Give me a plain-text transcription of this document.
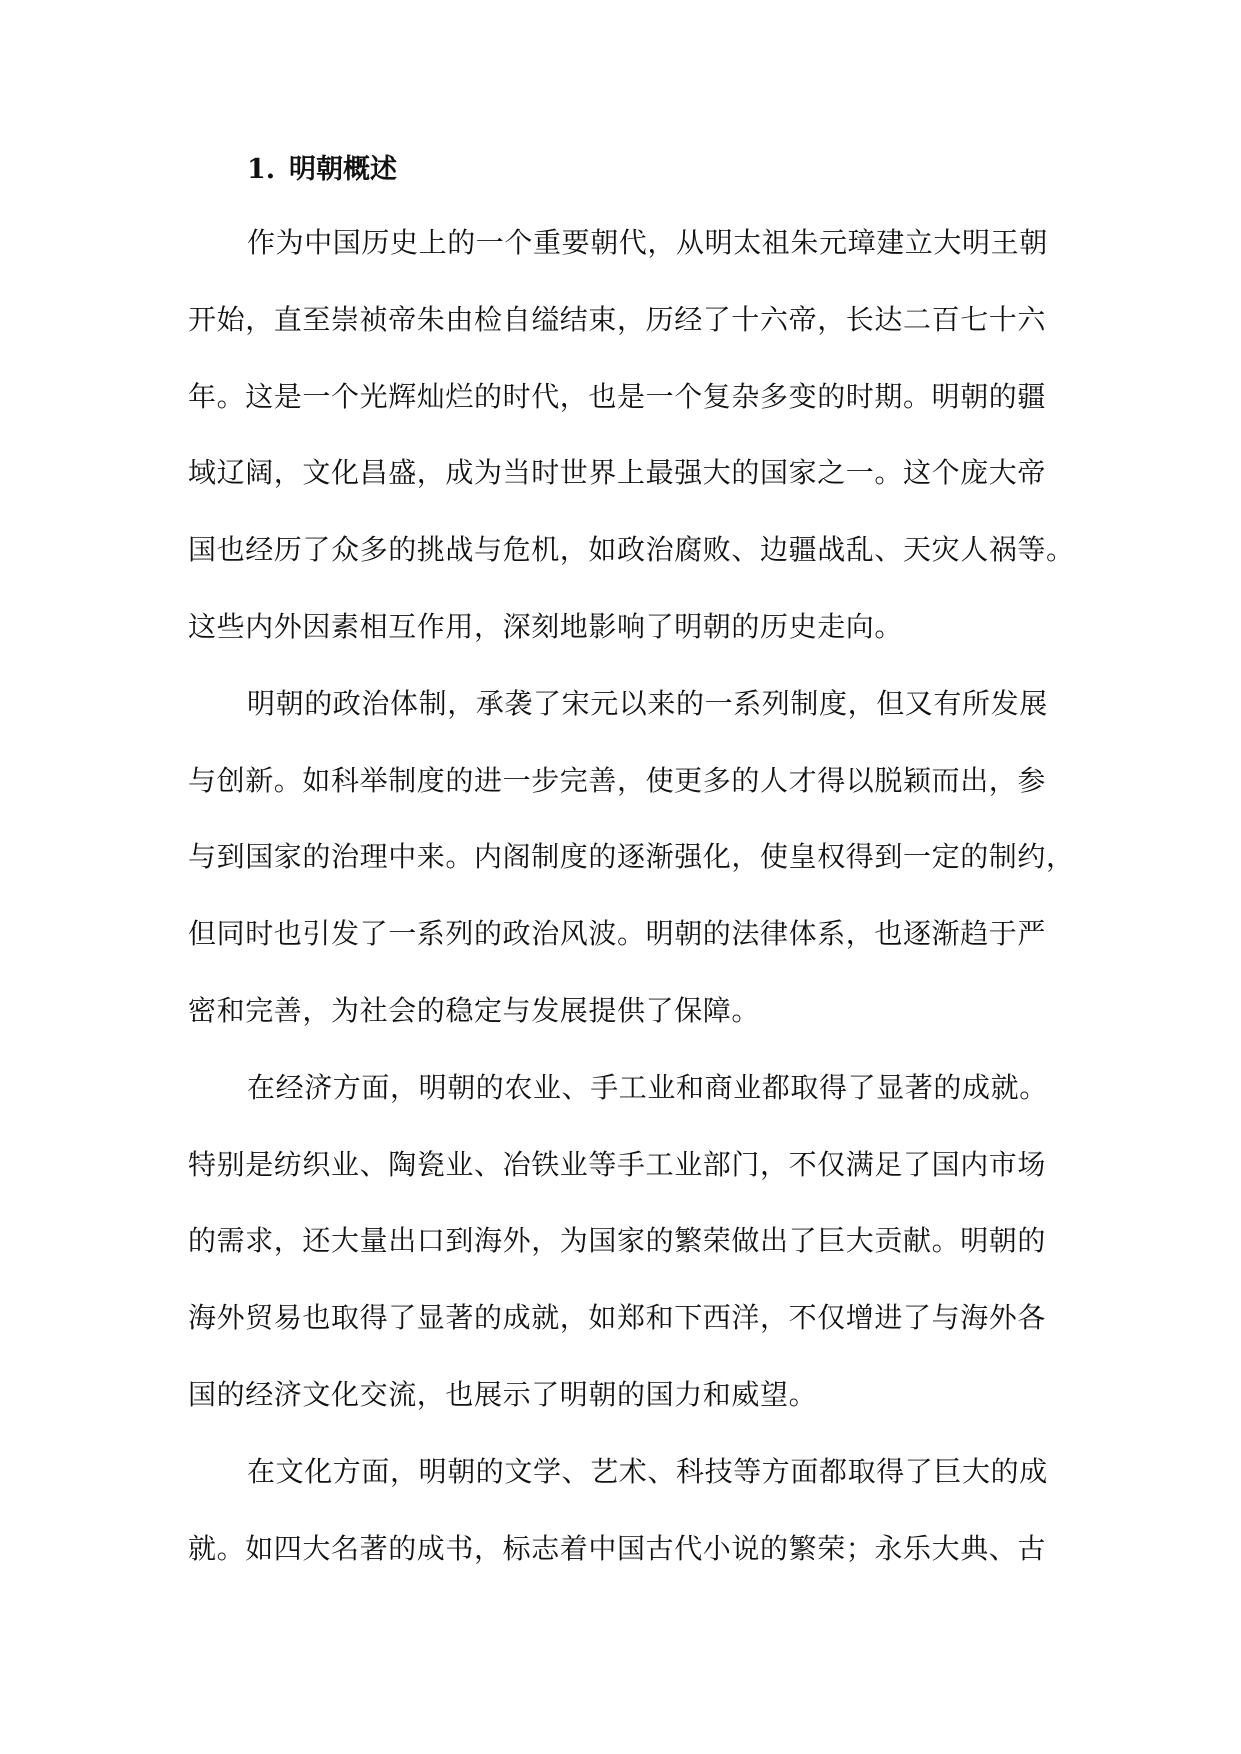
1. 明朝概述
作为中国历史上的一个重要朝代，从明太祖朱元璋建立大明王朝
开始，直至崇祯帝朱由检自缢结束，历经了十六帝，长达二百七十六
年。这是一个光辉灿烂的时代，也是一个复杂多变的时期。明朝的疆
域辽阔，文化昌盛，成为当时世界上最强大的国家之一。这个庞大帝
国也经历了众多的挑战与危机，如政治腐败、边疆战乱、天灾人祸等。
这些内外因素相互作用，深刻地影响了明朝的历史走向。
明朝的政治体制，承袭了宋元以来的一系列制度，但又有所发展
与创新。如科举制度的进一步完善，使更多的人才得以脱颖而出，参
与到国家的治理中来。内阁制度的逐渐强化，使皇权得到一定的制约，
但同时也引发了一系列的政治风波。明朝的法律体系，也逐渐趋于严
密和完善，为社会的稳定与发展提供了保障。
在经济方面，明朝的农业、手工业和商业都取得了显著的成就。
特别是纺织业、陶瓷业、冶铁业等手工业部门，不仅满足了国内市场
的需求，还大量出口到海外，为国家的繁荣做出了巨大贡献。明朝的
海外贸易也取得了显著的成就，如郑和下西洋，不仅增进了与海外各
国的经济文化交流，也展示了明朝的国力和威望。
在文化方面，明朝的文学、艺术、科技等方面都取得了巨大的成
就。如四大名著的成书，标志着中国古代小说的繁荣；永乐大典、古
